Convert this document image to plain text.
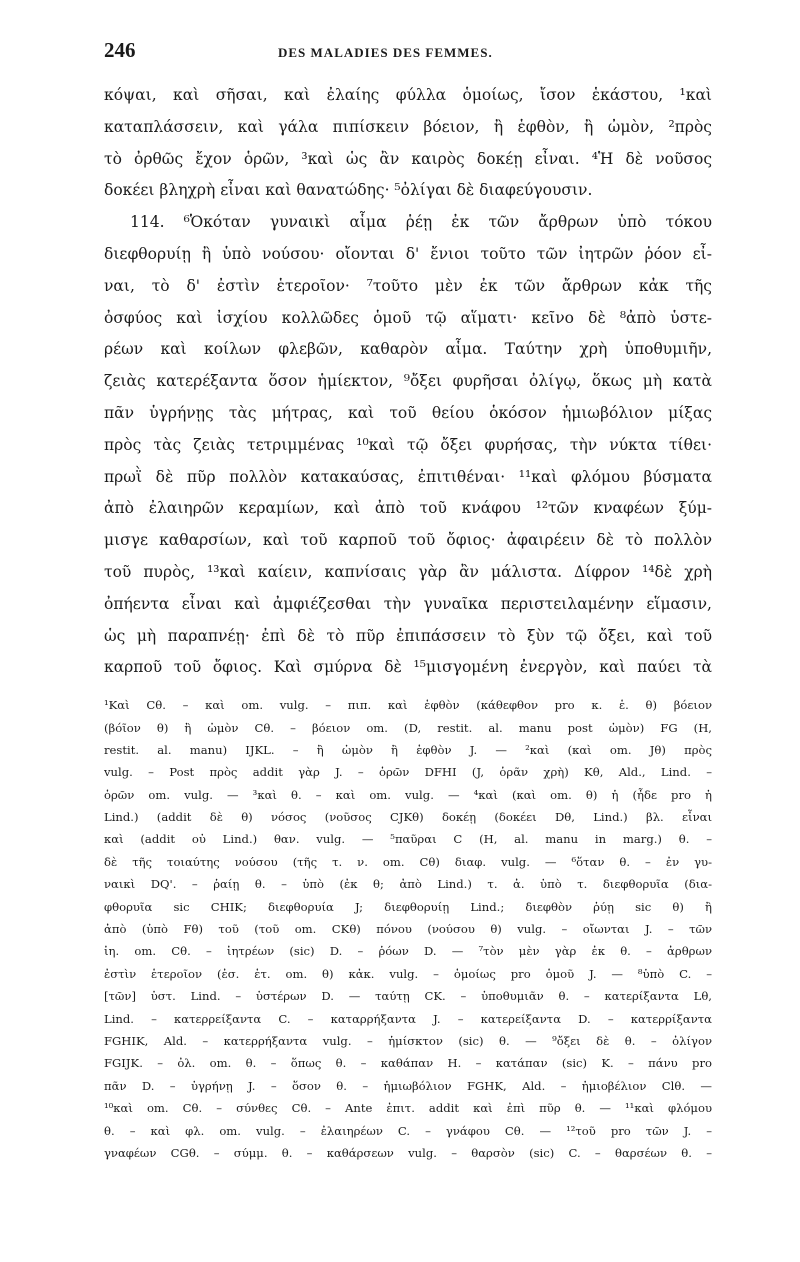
246	DES MALADIES DES FEMMES.
κόψαι, καὶ σῆσαι, καὶ ἐλαίης φύλλα ὁμοίως, ἴσον ἑκάστου, ¹καὶ
καταπλάσσειν, καὶ γάλα πιπίσκειν βόειον, ἢ ἑφθὸν, ἢ ὠμὸν, ²πρὸς
τὸ ὀρθῶς ἔχον ὁρῶν, ³καὶ ὡς ἂν καιρὸς δοκέῃ εἶναι. ⁴Ἡ δὲ νοῦσος
δοκέει βληχρὴ εἶναι καὶ θανατώδης· ⁵ὀλίγαι δὲ διαφεύγουσιν.
114. ⁶Ὁκόταν γυναικὶ αἷμα ῥέῃ ἐκ τῶν ἄρθρων ὑπὸ τόκου
διεφθορυίῃ ἢ ὑπὸ νούσου· οἴονται δ' ἔνιοι τοῦτο τῶν ἰητρῶν ῥόον εἶ-
ναι, τὸ δ' ἐστὶν ἑτεροῖον· ⁷τοῦτο μὲν ἐκ τῶν ἄρθρων κἀκ τῆς
ὀσφύος καὶ ἰσχίου κολλῶδες ὁμοῦ τῷ αἵματι· κεῖνο δὲ ⁸ἀπὸ ὑστε-
ρέων καὶ κοίλων φλεβῶν, καθαρὸν αἷμα. Ταύτην χρὴ ὑποθυμιῆν,
ζειὰς κατερέξαντα ὅσον ἡμίεκτον, ⁹ὄξει φυρῆσαι ὀλίγῳ, ὅκως μὴ κατὰ
πᾶν ὑγρήνῃς τὰς μήτρας, καὶ τοῦ θείου ὁκόσον ἡμιωβόλιον μίξας
πρὸς τὰς ζειὰς τετριμμένας ¹⁰καὶ τῷ ὄξει φυρήσας, τὴν νύκτα τίθει·
πρωῒ δὲ πῦρ πολλὸν κατακαύσας, ἐπιτιθέναι· ¹¹καὶ φλόμου βύσματα
ἀπὸ ἐλαιηρῶν κεραμίων, καὶ ἀπὸ τοῦ κνάφου ¹²τῶν κναφέων ξύμ-
μισγε καθαρσίων, καὶ τοῦ καρποῦ τοῦ ὄφιος· ἀφαιρέειν δὲ τὸ πολλὸν
τοῦ πυρὸς, ¹³καὶ καίειν, καπνίσαις γὰρ ἂν μάλιστα. Δίφρον ¹⁴δὲ χρὴ
ὀπήεντα εἶναι καὶ ἀμφιέζεσθαι τὴν γυναῖκα περιστειλαμένην εἵμασιν,
ὡς μὴ παραπνέῃ· ἐπὶ δὲ τὸ πῦρ ἐπιπάσσειν τὸ ξὺν τῷ ὄξει, καὶ τοῦ
καρποῦ τοῦ ὄφιος. Καὶ σμύρνα δὲ ¹⁵μισγομένη ἐνεργὸν, καὶ παύει τὰ
¹Καὶ Cθ. – καὶ om. vulg. – πιπ. καὶ ἑφθὸν (κάθεφθον pro κ. ἑ. θ) βόειον
(βόῖον θ) ἢ ὠμὸν Cθ. – βόειον om. (D, restit. al. manu post ὠμὸν) FG (H,
restit. al. manu) IJKL. – ἢ ὠμὸν ἢ ἑφθὸν J. — ²καὶ (καὶ om. Jθ) πρὸς
vulg. – Post πρὸς addit γὰρ J. – ὁρῶν DFHI (J, ὁρᾶν χρὴ) Kθ, Ald., Lind. –
ὁρῶν om. vulg. — ³καὶ θ. – καὶ om. vulg. — ⁴καὶ (καὶ om. θ) ἡ (ἦδε pro ἡ
Lind.) (addit δὲ θ) νόσος (νοῦσος CJKθ) δοκέῃ (δοκέει Dθ, Lind.) βλ. εἶναι
καὶ (addit οὐ Lind.) θαν. vulg. — ⁵παῦραι C (H, al. manu in marg.) θ. –
δὲ τῆς τοιαύτης νούσου (τῆς τ. ν. om. Cθ) διαφ. vulg. — ⁶ὅταν θ. – ἐν γυ-
ναικὶ DQ'. – ῥαίῃ θ. – ὑπὸ (ἐκ θ; ἀπὸ Lind.) τ. ἀ. ὑπὸ τ. διεφθορυῖα (δια-
φθορυῖα sic CHIK; διεφθορυία J; διεφθορυίῃ Lind.; διεφθὸν ῥύῃ sic θ) ἢ
ἀπὸ (ὑπὸ Fθ) τοῦ (τοῦ om. CKθ) πόνου (νούσου θ) vulg. – οἴωνται J. – τῶν
ἰη. om. Cθ. – ἰητρέων (sic) D. – ῥόων D. — ⁷τὸν μὲν γὰρ ἐκ θ. – ἀρθρων
ἐστὶν ἑτεροῖον (ἐσ. ἑτ. om. θ) κἀκ. vulg. – ὁμοίως pro ὁμοῦ J. — ⁸ὑπὸ C. –
[τῶν] ὑστ. Lind. – ὑστέρων D. — ταύτῃ CK. – ὑποθυμιᾶν θ. – κατερίξαντα Lθ,
Lind. – κατερρείξαντα C. – καταρρήξαντα J. – κατερείξαντα D. – κατερρίξαντα
FGHIK, Ald. – κατερρήξαντα vulg. – ἡμίσκτον (sic) θ. — ⁹ὄξει δὲ θ. – ὀλίγον
FGIJK. – ὀλ. om. θ. – ὅπως θ. – καθάπαν H. – κατάπαν (sic) K. – πάνυ pro
πᾶν D. – ὑγρήνῃ J. – ὅσον θ. – ἡμιωβόλιον FGHK, Ald. – ἡμιοβέλιον Clθ. —
¹⁰καὶ om. Cθ. – σύνθες Cθ. – Ante ἐπιτ. addit καὶ ἐπὶ πῦρ θ. — ¹¹καὶ φλόμου
θ. – καὶ φλ. om. vulg. – ἐλαιηρέων C. – γνάφου Cθ. — ¹²τοῦ pro τῶν J. –
γναφέων CGθ. – σύμμ. θ. – καθάρσεων vulg. – θαρσὸν (sic) C. – θαρσέων θ. –
